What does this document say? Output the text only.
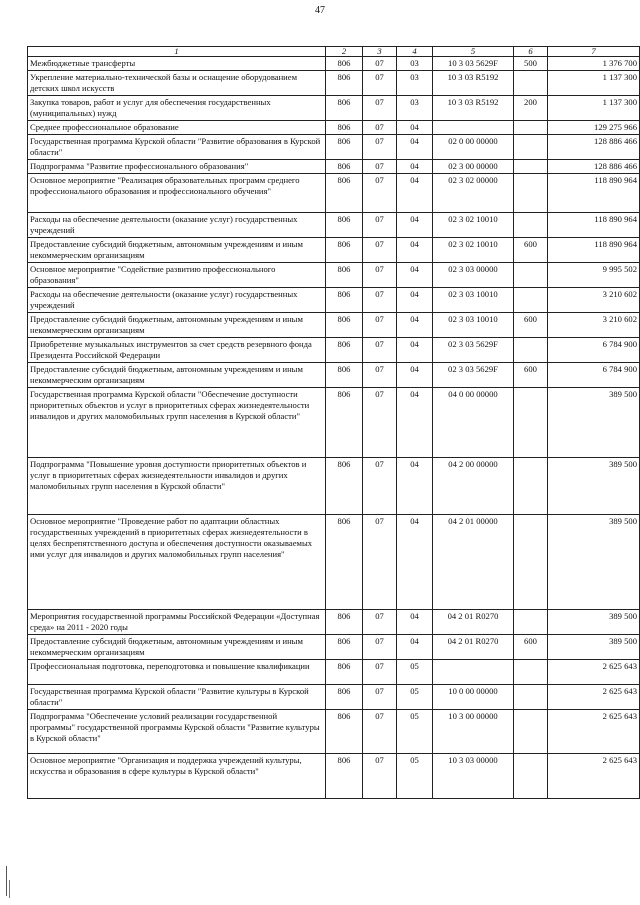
47
1	2	3	4	5	6	7
Межбюджетные трансферты	806	07	03	10 3 03 5629F	500	1 376 700
Укрепление материально-технической базы и оснащение оборудованием детских школ искусств	806	07	03	10 3 03 R5192		1 137 300
Закупка товаров, работ и услуг для обеспечения государственных (муниципальных) нужд	806	07	03	10 3 03 R5192	200	1 137 300
Среднее профессиональное образование	806	07	04			129 275 966
Государственная программа Курской области "Развитие образования в Курской области"	806	07	04	02 0 00 00000		128 886 466
Подпрограмма "Развитие профессионального образования"	806	07	04	02 3 00 00000		128 886 466
Основное мероприятие "Реализация образовательных программ среднего профессионального образования и профессионального обучения"	806	07	04	02 3 02 00000		118 890 964
Расходы на обеспечение деятельности (оказание услуг) государственных учреждений	806	07	04	02 3 02 10010		118 890 964
Предоставление субсидий бюджетным, автономным учреждениям и иным некоммерческим организациям	806	07	04	02 3 02 10010	600	118 890 964
Основное мероприятие "Содействие развитию профессионального образования"	806	07	04	02 3 03 00000		9 995 502
Расходы на обеспечение деятельности (оказание услуг) государственных учреждений	806	07	04	02 3 03 10010		3 210 602
Предоставление субсидий бюджетным, автономным учреждениям и иным некоммерческим организациям	806	07	04	02 3 03 10010	600	3 210 602
Приобретение музыкальных инструментов за счет средств резервного фонда Президента Российской Федерации	806	07	04	02 3 03 5629F		6 784 900
Предоставление субсидий бюджетным, автономным учреждениям и иным некоммерческим организациям	806	07	04	02 3 03 5629F	600	6 784 900
Государственная программа Курской области "Обеспечение доступности приоритетных объектов и услуг в приоритетных сферах жизнедеятельности инвалидов и других маломобильных групп населения в Курской области"	806	07	04	04 0 00 00000		389 500
Подпрограмма "Повышение уровня доступности приоритетных объектов и услуг в приоритетных сферах жизнедеятельности инвалидов и других маломобильных групп населения в Курской области"	806	07	04	04 2 00 00000		389 500
Основное мероприятие "Проведение работ по адаптации областных государственных учреждений в приоритетных сферах жизнедеятельности в целях беспрепятственного доступа и обеспечения доступности оказываемых ими услуг для инвалидов и других маломобильных групп населения"	806	07	04	04 2 01 00000		389 500
Мероприятия государственной программы Российской Федерации «Доступная среда» на 2011 - 2020 годы	806	07	04	04 2 01 R0270		389 500
Предоставление субсидий бюджетным, автономным учреждениям и иным некоммерческим организациям	806	07	04	04 2 01 R0270	600	389 500
Профессиональная подготовка, переподготовка и повышение квалификации	806	07	05			2 625 643
Государственная программа Курской области "Развитие культуры в Курской области"	806	07	05	10 0 00 00000		2 625 643
Подпрограмма "Обеспечение условий реализации государственной программы" государственной программы Курской области "Развитие культуры в Курской области"	806	07	05	10 3 00 00000		2 625 643
Основное мероприятие "Организация и поддержка учреждений культуры, искусства и образования в сфере культуры в Курской области"	806	07	05	10 3 03 00000		2 625 643
